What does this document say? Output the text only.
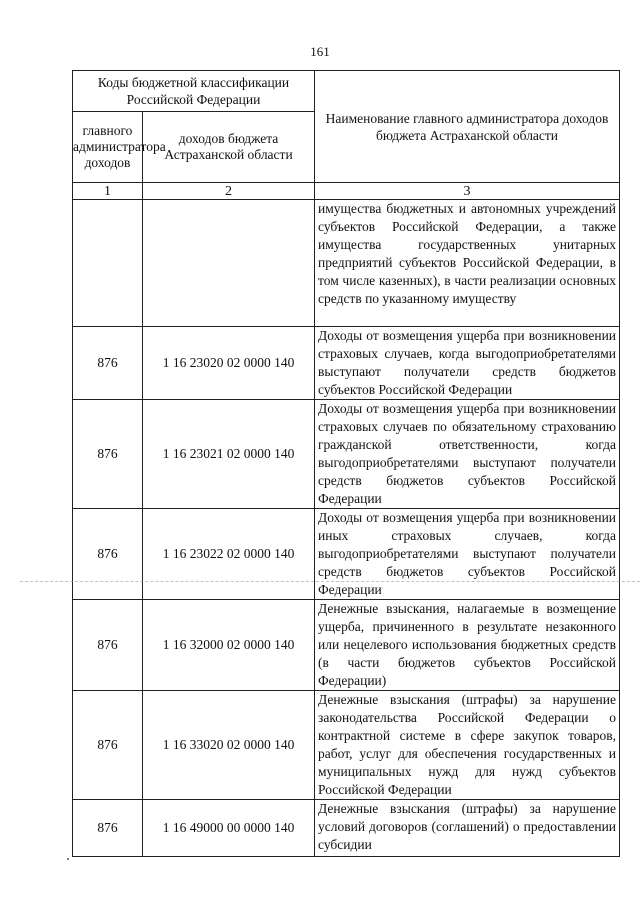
161
Коды бюджетной классификации Российской Федерации		Наименование главного администратора доходов бюджета Астраханской области
главного администратора доходов	доходов бюджета Астраханской области	
1	2	3
		имущества бюджетных и автономных учреждений субъектов Российской Федерации, а также имущества государственных унитарных предприятий субъектов Российской Федерации, в том числе казенных), в части реализации основных средств по указанному имуществу
876	1 16 23020 02 0000 140	Доходы от возмещения ущерба при возникновении страховых случаев, когда выгодоприобретателями выступают получатели средств бюджетов субъектов Российской Федерации
876	1 16 23021 02 0000 140	Доходы от возмещения ущерба при возникновении страховых случаев по обязательному страхованию гражданской ответственности, когда выгодоприобретателями выступают получатели средств бюджетов субъектов Российской Федерации
876	1 16 23022 02 0000 140	Доходы от возмещения ущерба при возникновении иных страховых случаев, когда выгодоприобретателями выступают получатели средств бюджетов субъектов Российской Федерации
876	1 16 32000 02 0000 140	Денежные взыскания, налагаемые в возмещение ущерба, причиненного в результате незаконного или нецелевого использования бюджетных средств (в части бюджетов субъектов Российской Федерации)
876	1 16 33020 02 0000 140	Денежные взыскания (штрафы) за нарушение законодательства Российской Федерации о контрактной системе в сфере закупок товаров, работ, услуг для обеспечения государственных и муниципальных нужд для нужд субъектов Российской Федерации
876	1 16 49000 00 0000 140	Денежные взыскания (штрафы) за нарушение условий договоров (соглашений) о предоставлении субсидии
